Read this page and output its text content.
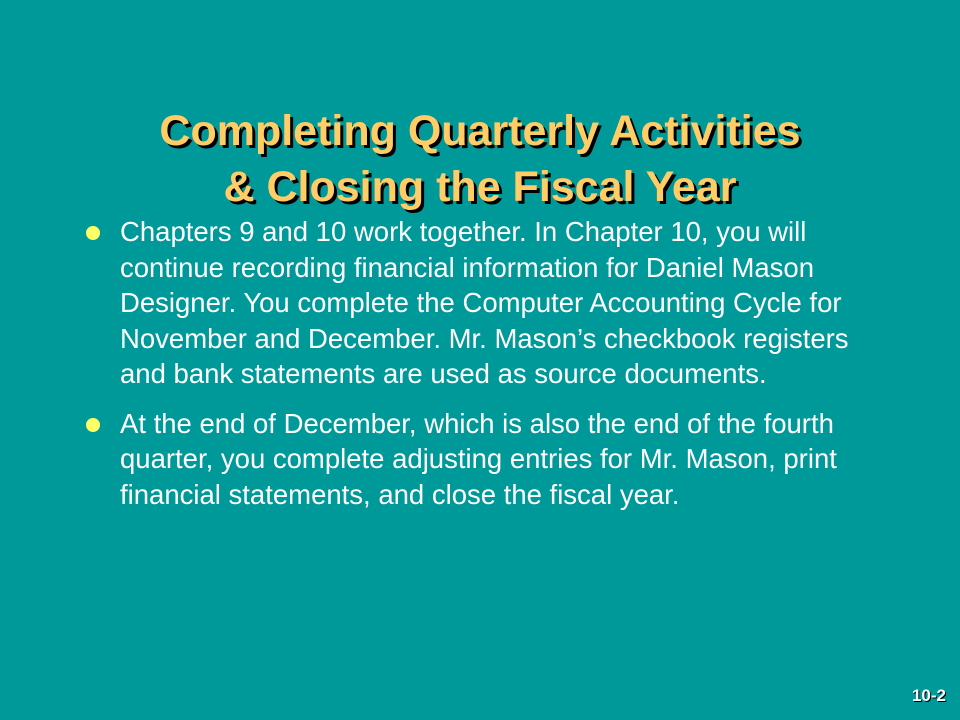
Completing Quarterly Activities
& Closing the Fiscal Year
Chapters 9 and 10 work together. In Chapter 10, you will continue recording financial information for Daniel Mason Designer. You complete the Computer Accounting Cycle for November and December. Mr. Mason’s checkbook registers and bank statements are used as source documents.
At the end of December, which is also the end of the fourth quarter, you complete adjusting entries for Mr. Mason, print financial statements, and close the fiscal year.
10-2
